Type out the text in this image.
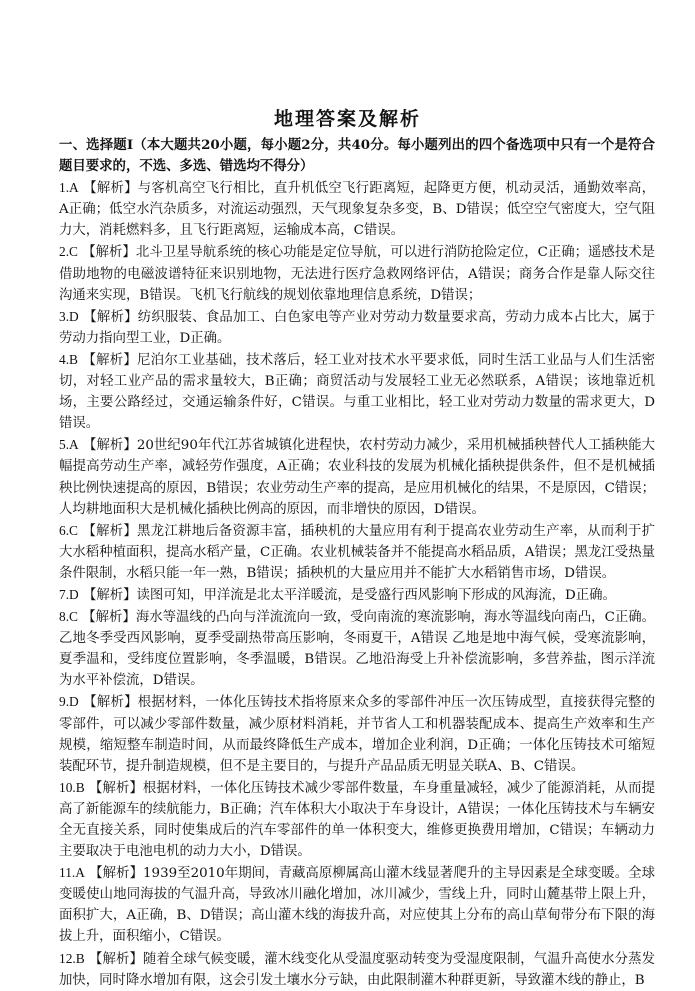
地理答案及解析

一、选择题Ⅰ（本大题共20小题，每小题2分，共40分。每小题列出的四个备选项中只有一个是符合题目要求的，不选、多选、错选均不得分）

1.A 【解析】与客机高空飞行相比，直升机低空飞行距离短，起降更方便，机动灵活，通勤效率高，A正确；低空水汽杂质多，对流运动强烈，天气现象复杂多变，B、D错误；低空空气密度大，空气阻力大，消耗燃料多，且飞行距离短，运输成本高，C错误。

2.C 【解析】北斗卫星导航系统的核心功能是定位导航，可以进行消防抢险定位，C正确；遥感技术是借助地物的电磁波谱特征来识别地物，无法进行医疗急救网络评估，A错误；商务合作是靠人际交往沟通来实现，B错误。飞机飞行航线的规划依靠地理信息系统，D错误；

3.D 【解析】纺织服装、食品加工、白色家电等产业对劳动力数量要求高，劳动力成本占比大，属于劳动力指向型工业，D正确。

4.B 【解析】尼泊尔工业基础，技术落后，轻工业对技术水平要求低，同时生活工业品与人们生活密切，对轻工业产品的需求量较大，B正确；商贸活动与发展轻工业无必然联系，A错误；该地靠近机场，主要公路经过，交通运输条件好，C错误。与重工业相比，轻工业对劳动力数量的需求更大，D错误。

5.A 【解析】20世纪90年代江苏省城镇化进程快，农村劳动力减少，采用机械插秧替代人工插秧能大幅提高劳动生产率，减轻劳作强度，A正确；农业科技的发展为机械化插秧提供条件，但不是机械插秧比例快速提高的原因，B错误；农业劳动生产率的提高，是应用机械化的结果，不是原因，C错误；人均耕地面积大是机械化插秧比例高的原因，而非增快的原因，D错误。

6.C 【解析】黑龙江耕地后备资源丰富，插秧机的大量应用有利于提高农业劳动生产率，从而利于扩大水稻种植面积，提高水稻产量，C正确。农业机械装备并不能提高水稻品质，A错误；黑龙江受热量条件限制，水稻只能一年一熟，B错误；插秧机的大量应用并不能扩大水稻销售市场，D错误。

7.D 【解析】读图可知，甲洋流是北太平洋暖流，是受盛行西风影响下形成的风海流，D正确。

8.C 【解析】海水等温线的凸向与洋流流向一致，受向南流的寒流影响，海水等温线向南凸，C正确。乙地冬季受西风影响，夏季受副热带高压影响，冬雨夏干，A错误 乙地是地中海气候，受寒流影响，夏季温和，受纬度位置影响，冬季温暖，B错误。乙地沿海受上升补偿流影响，多营养盐，图示洋流为水平补偿流，D错误。

9.D 【解析】根据材料，一体化压铸技术指将原来众多的零部件冲压一次压铸成型，直接获得完整的零部件，可以减少零部件数量，减少原材料消耗，并节省人工和机器装配成本、提高生产效率和生产规模，缩短整车制造时间，从而最终降低生产成本，增加企业利润，D正确；一体化压铸技术可缩短装配环节，提升制造规模，但不是主要目的，与提升产品品质无明显关联A、B、C错误。

10.B 【解析】根据材料，一体化压铸技术减少零部件数量，车身重量减轻，减少了能源消耗，从而提高了新能源车的续航能力，B正确；汽车体积大小取决于车身设计，A错误；一体化压铸技术与车辆安全无直接关系，同时使集成后的汽车零部件的单一体积变大，维修更换费用增加，C错误；车辆动力主要取决于电池电机的动力大小，D错误。

11.A 【解析】1939至2010年期间，青藏高原柳属高山灌木线显著爬升的主导因素是全球变暖。全球变暖使山地同海拔的气温升高，导致冰川融化增加，冰川减少，雪线上升，同时山麓基带上限上升，面积扩大，A正确，B、D错误；高山灌木线的海拔升高，对应使其上分布的高山草甸带分布下限的海拔上升，面积缩小，C错误。

12.B 【解析】随着全球气候变暖，灌木线变化从受温度驱动转变为受湿度限制，气温升高使水分蒸发加快，同时降水增加有限，这会引发土壤水分亏缺，由此限制灌木种群更新，导致灌木线的静止，B
